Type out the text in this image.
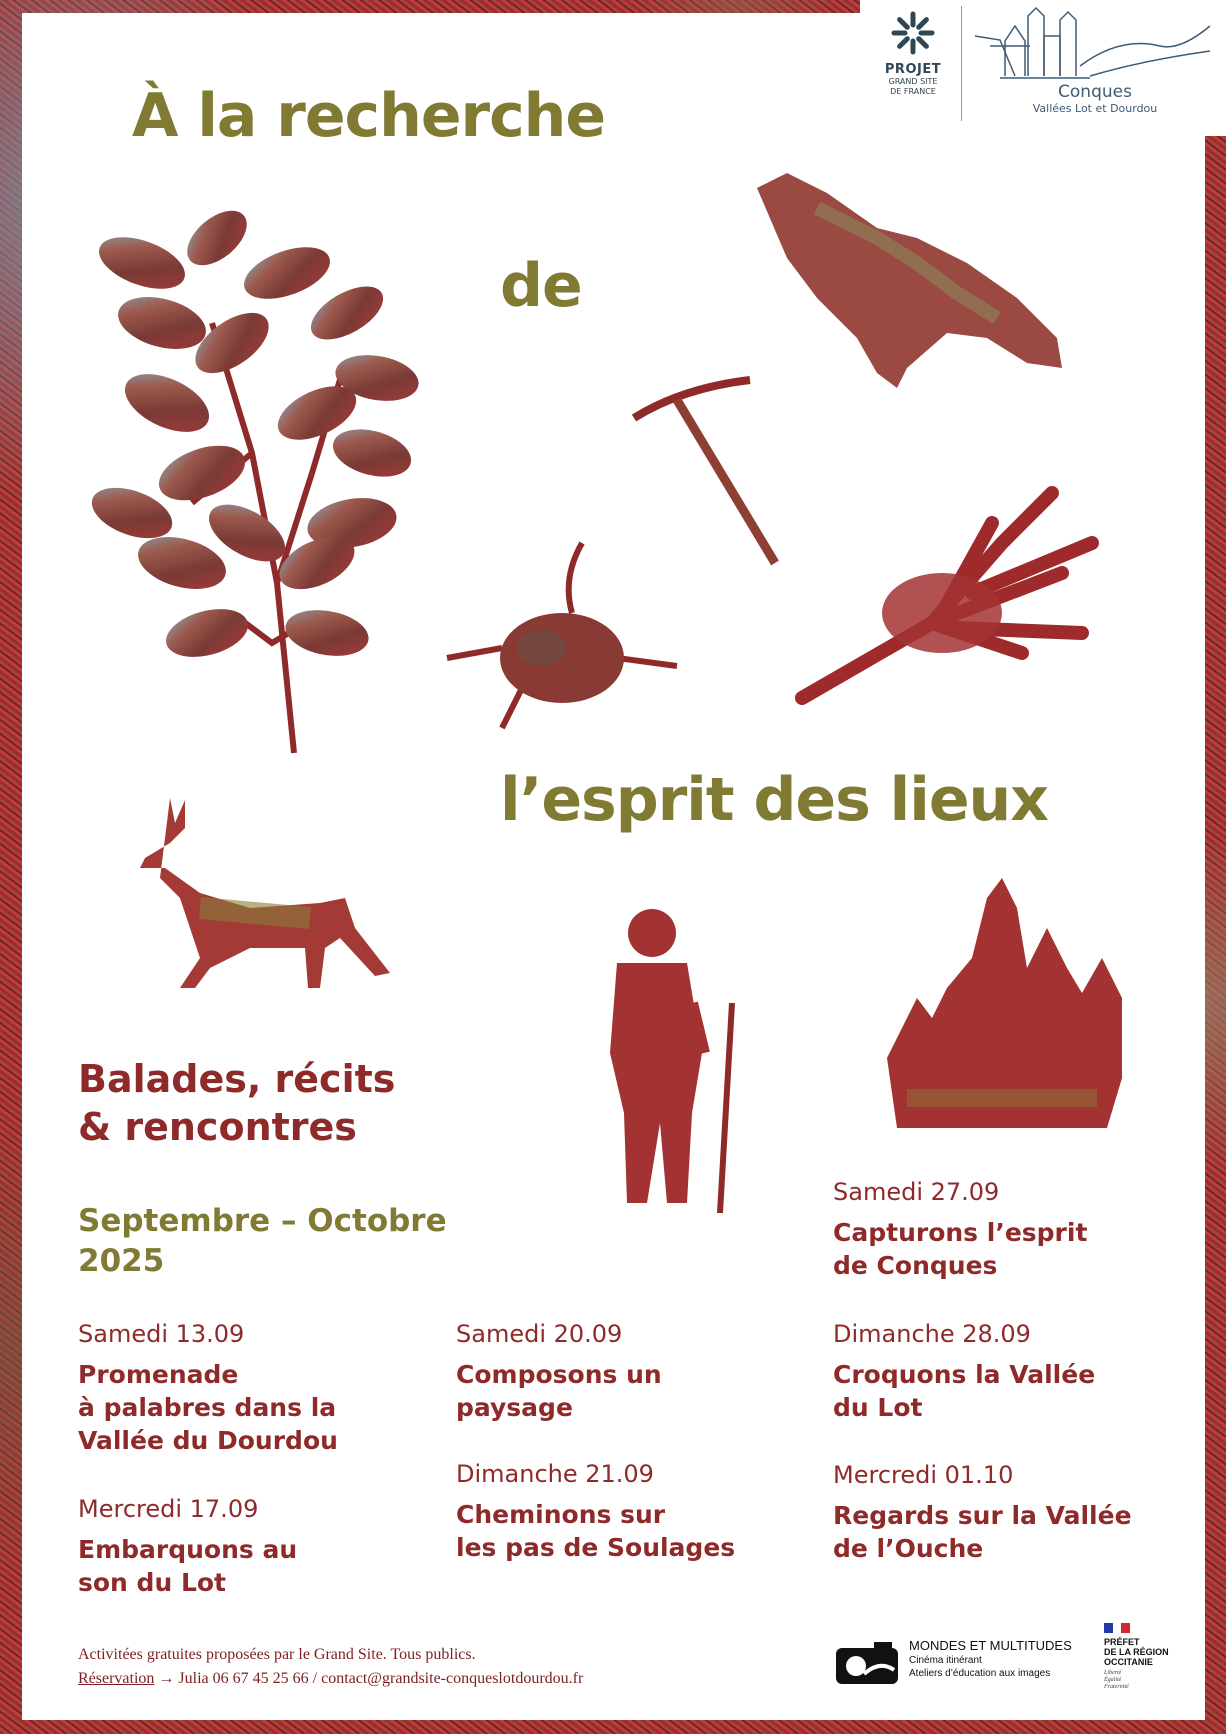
À la recherche
de
l’esprit des lieux
Balades, récits
& rencontres
Septembre – Octobre
2025
Samedi 13.09
Promenade
à palabres dans la
Vallée du Dourdou
Mercredi 17.09
Embarquons au
son du Lot
Samedi 20.09
Composons un
paysage
Dimanche 21.09
Cheminons sur
les pas de Soulages
Samedi 27.09
Capturons l’esprit
de Conques
Dimanche 28.09
Croquons la Vallée
du Lot
Mercredi 01.10
Regards sur la Vallée
de l’Ouche
Activitées gratuites proposées par le Grand Site. Tous publics.
Réservation → Julia 06 67 45 25 66 / contact@grandsite-conqueslotdourdou.fr
MONDES ET MULTITUDES
Cinéma itinérant
Ateliers d’éducation aux images
PRÉFET
DE LA RÉGION
OCCITANIE
Liberté
Égalité
Fraternité
PROJET
GRAND SITE
DE FRANCE	Conques
Vallées Lot et Dourdou
